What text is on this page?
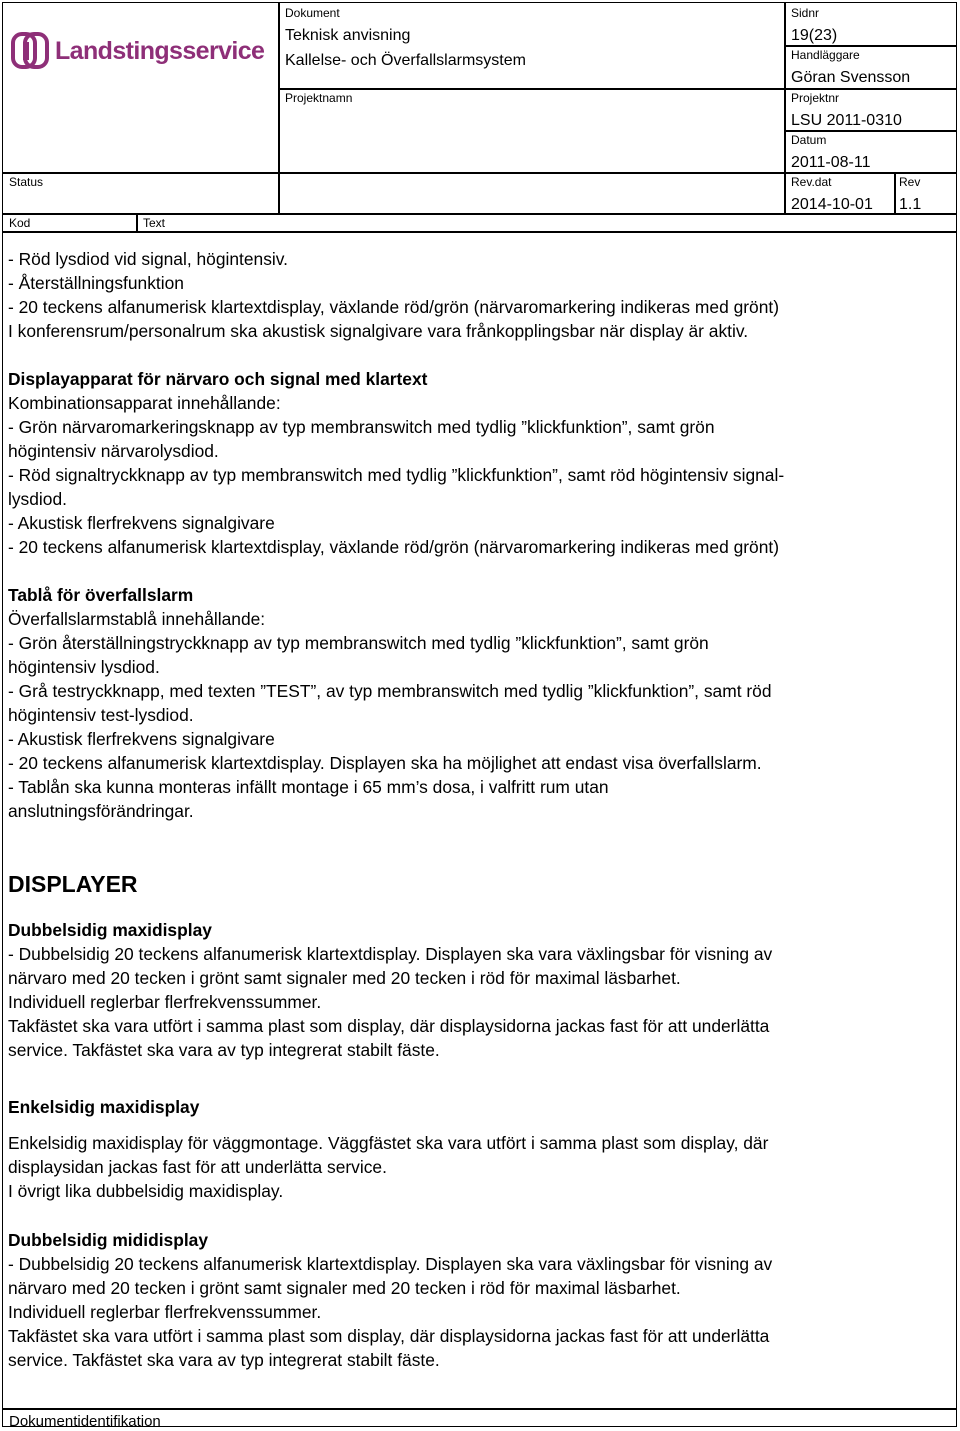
Landstingsservice
Dokument
Teknisk anvisning
Kallelse- och Överfallslarmsystem
Projektnamn
Sidnr
19(23)
Handläggare
Göran Svensson
Projektnr
LSU 2011-0310
Datum
2011-08-11
Status	Rev.dat
2014-10-01
Rev
1.1
Kod	Text

- Röd lysdiod vid signal, högintensiv.

- Återställningsfunktion

- 20 teckens alfanumerisk klartextdisplay, växlande röd/grön (närvaromarkering indikeras med grönt)

I konferensrum/personalrum ska akustisk signalgivare vara frånkopplingsbar när display är aktiv.

Displayapparat för närvaro och signal med klartext

Kombinationsapparat innehållande:

- Grön närvaromarkeringsknapp av typ membranswitch med tydlig ”klickfunktion”, samt grön

högintensiv närvarolysdiod.

- Röd signaltryckknapp av typ membranswitch med tydlig ”klickfunktion”, samt röd högintensiv signal-

lysdiod.

- Akustisk flerfrekvens signalgivare

- 20 teckens alfanumerisk klartextdisplay, växlande röd/grön (närvaromarkering indikeras med grönt)

Tablå för överfallslarm

Överfallslarmstablå innehållande:

- Grön återställningstryckknapp av typ membranswitch med tydlig ”klickfunktion”, samt grön

högintensiv lysdiod.

- Grå testryckknapp, med texten ”TEST”, av typ membranswitch med tydlig ”klickfunktion”, samt röd

högintensiv test-lysdiod.

- Akustisk flerfrekvens signalgivare

- 20 teckens alfanumerisk klartextdisplay. Displayen ska ha möjlighet att endast visa överfallslarm.

- Tablån ska kunna monteras infällt montage i 65 mm’s dosa, i valfritt rum utan

anslutningsförändringar.

DISPLAYER

Dubbelsidig maxidisplay

- Dubbelsidig 20 teckens alfanumerisk klartextdisplay. Displayen ska vara växlingsbar för visning av

närvaro med 20 tecken i grönt samt signaler med 20 tecken i röd för maximal läsbarhet.

Individuell reglerbar flerfrekvenssummer.

Takfästet ska vara utfört i samma plast som display, där displaysidorna jackas fast för att underlätta

service. Takfästet ska vara av typ integrerat stabilt fäste.

Enkelsidig maxidisplay

Enkelsidig maxidisplay för väggmontage. Väggfästet ska vara utfört i samma plast som display, där

displaysidan jackas fast för att underlätta service.

I övrigt lika dubbelsidig maxidisplay.

Dubbelsidig mididisplay

- Dubbelsidig 20 teckens alfanumerisk klartextdisplay. Displayen ska vara växlingsbar för visning av

närvaro med 20 tecken i grönt samt signaler med 20 tecken i röd för maximal läsbarhet.

Individuell reglerbar flerfrekvenssummer.

Takfästet ska vara utfört i samma plast som display, där displaysidorna jackas fast för att underlätta

service. Takfästet ska vara av typ integrerat stabilt fäste.

Dokumentidentifikation
